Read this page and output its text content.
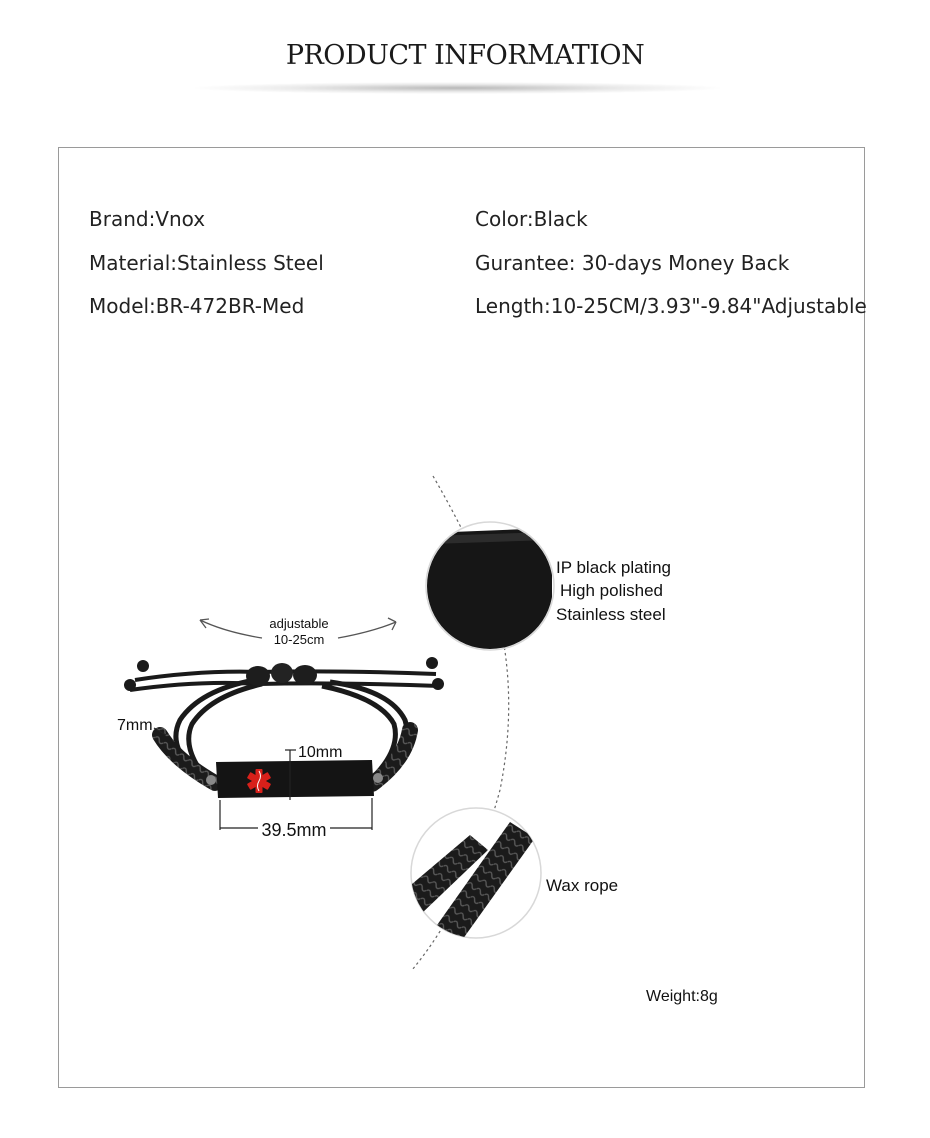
PRODUCT INFORMATION
Brand:Vnox
Material:Stainless Steel
Model:BR-472BR-Med
Color:Black
Gurantee: 30-days Money Back
Length:10-25CM/3.93"-9.84"Adjustable
IP black plating
High polished
Stainless steel
Wax rope
adjustable
10-25cm
39.5mm
10mm
7mm
Weight:8g
